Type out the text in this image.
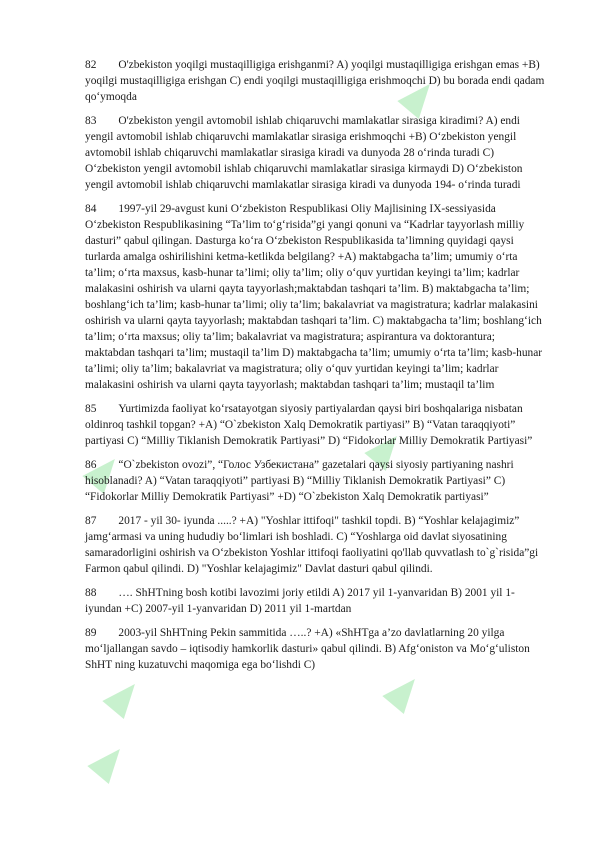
82 O'zbekiston yoqilgi mustaqilligiga erishganmi? A) yoqilgi mustaqilligiga erishgan emas +B) yoqilgi mustaqilligiga erishgan C) endi yoqilgi mustaqilligiga erishmoqchi D) bu borada endi qadam qo‘ymoqda

83 O'zbekiston yengil avtomobil ishlab chiqaruvchi mamlakatlar sirasiga kiradimi? A) endi yengil avtomobil ishlab chiqaruvchi mamlakatlar sirasiga erishmoqchi +B) O‘zbekiston yengil avtomobil ishlab chiqaruvchi mamlakatlar sirasiga kiradi va dunyoda 28 o‘rinda turadi C) O‘zbekiston yengil avtomobil ishlab chiqaruvchi mamlakatlar sirasiga kirmaydi D) O‘zbekiston yengil avtomobil ishlab chiqaruvchi mamlakatlar sirasiga kiradi va dunyoda 194- o‘rinda turadi

84 1997-yil 29-avgust kuni O‘zbekiston Respublikasi Oliy Majlisining IX-sessiyasida O‘zbekiston Respublikasining “Ta’lim to‘g‘risida”gi yangi qonuni va “Kadrlar tayyorlash milliy dasturi” qabul qilingan. Dasturga ko‘ra O‘zbekiston Respublikasida ta’limning quyidagi qaysi turlarda amalga oshirilishini ketma-ketlikda belgilang? +A) maktabgacha ta’lim; umumiy o‘rta ta’lim; o‘rta maxsus, kasb-hunar ta’limi; oliy ta’lim; oliy o‘quv yurtidan keyingi ta’lim; kadrlar malakasini oshirish va ularni qayta tayyorlash;maktabdan tashqari ta’lim. B) maktabgacha ta’lim; boshlang‘ich ta’lim; kasb-hunar ta’limi; oliy ta’lim; bakalavriat va magistratura; kadrlar malakasini oshirish va ularni qayta tayyorlash; maktabdan tashqari ta’lim. C) maktabgacha ta’lim; boshlang‘ich ta’lim; o‘rta maxsus; oliy ta’lim; bakalavriat va magistratura; aspirantura va doktorantura; maktabdan tashqari ta’lim; mustaqil ta’lim D) maktabgacha ta’lim; umumiy o‘rta ta’lim; kasb-hunar ta’limi; oliy ta’lim; bakalavriat va magistratura; oliy o‘quv yurtidan keyingi ta’lim; kadrlar malakasini oshirish va ularni qayta tayyorlash; maktabdan tashqari ta’lim; mustaqil ta’lim

85 Yurtimizda faoliyat ko‘rsatayotgan siyosiy partiyalardan qaysi biri boshqalariga nisbatan oldinroq tashkil topgan? +A) “O`zbekiston Xalq Demokratik partiyasi” B) “Vatan taraqqiyoti” partiyasi C) “Milliy Tiklanish Demokratik Partiyasi” D) “Fidokorlar Milliy Demokratik Partiyasi”

86 “O`zbekiston ovozi”, “Голос Узбекистана” gazetalari qaysi siyosiy partiyaning nashri hisoblanadi? A) “Vatan taraqqiyoti” partiyasi B) “Milliy Tiklanish Demokratik Partiyasi” C) “Fidokorlar Milliy Demokratik Partiyasi” +D) “O`zbekiston Xalq Demokratik partiyasi”

87 2017 - yil 30- iyunda .....? +A) "Yoshlar ittifoqi" tashkil topdi. B) “Yoshlar kelajagimiz” jamg‘armasi va uning hududiy bo‘limlari ish boshladi. C) “Yoshlarga oid davlat siyosatining samaradorligini oshirish va O‘zbekiston Yoshlar ittifoqi faoliyatini qo'llab quvvatlash to`g`risida”gi Farmon qabul qilindi. D) "Yoshlar kelajagimiz" Davlat dasturi qabul qilindi.

88 …. ShHTning bosh kotibi lavozimi joriy etildi A) 2017 yil 1-yanvaridan B) 2001 yil 1-iyundan +C) 2007-yil 1-yanvaridan D) 2011 yil 1-martdan

89 2003-yil ShHTning Pekin sammitida …..? +A) «ShHTga a’zo davlatlarning 20 yilga mo‘ljallangan savdo – iqtisodiy hamkorlik dasturi» qabul qilindi. B) Afg‘oniston va Mo‘g‘uliston ShHT ning kuzatuvchi maqomiga ega bo‘lishdi C)
